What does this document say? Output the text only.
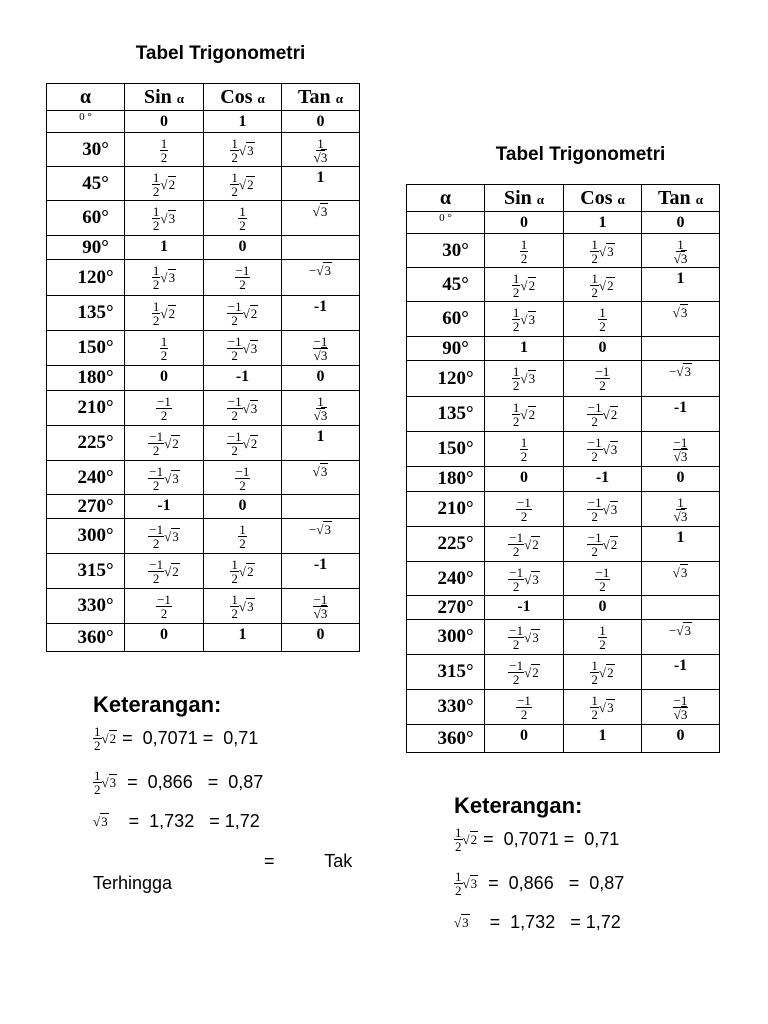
Tabel Trigonometri
α	Sin α	Cos α	Tan α
0 °	0	1	0
30°	$\frac{1}{2}$	$\frac{1}{2} √3$	$\frac{1}{√3}$

45°	$\frac{1}{2} √2$	$\frac{1}{2} √2$	1
60°	$\frac{1}{2} √3$	$\frac{1}{2}$	√3

90°	1	0	
120°	$\frac{1}{2} √3$	$\frac{-1}{2}$	− √3

135°	$\frac{1}{2} √2$	$\frac{-1}{2} √2$	-1
150°	$\frac{1}{2}$	$\frac{-1}{2} √3$	$\frac{-1}{√3}$

180°	0	-1	0
210°	$\frac{-1}{2}$	$\frac{-1}{2} √3$	$\frac{1}{√3}$

225°	$\frac{-1}{2} √2$	$\frac{-1}{2} √2$	1
240°	$\frac{-1}{2} √3$	$\frac{-1}{2}$	√3

270°	-1	0	
300°	$\frac{-1}{2} √3$	$\frac{1}{2}$	− √3

315°	$\frac{-1}{2} √2$	$\frac{1}{2} √2$	-1
330°	$\frac{-1}{2}$	$\frac{1}{2} √3$	$\frac{-1}{√3}$

360°	0	1	0
Keterangan:
$\frac{1}{2} √2 = 0,7071 = 0,71$
$\frac{1}{2} √3 = 0,866 = 0,87$
√3 =  1,732   = 1,72
=          Tak
Terhingga
Tabel Trigonometri
α	Sin α	Cos α	Tan α
0 °	0	1	0
30°	$\frac{1}{2}$	$\frac{1}{2} √3$	$\frac{1}{√3}$

45°	$\frac{1}{2} √2$	$\frac{1}{2} √2$	1
60°	$\frac{1}{2} √3$	$\frac{1}{2}$	√3

90°	1	0	
120°	$\frac{1}{2} √3$	$\frac{-1}{2}$	− √3

135°	$\frac{1}{2} √2$	$\frac{-1}{2} √2$	-1
150°	$\frac{1}{2}$	$\frac{-1}{2} √3$	$\frac{-1}{√3}$

180°	0	-1	0
210°	$\frac{-1}{2}$	$\frac{-1}{2} √3$	$\frac{1}{√3}$

225°	$\frac{-1}{2} √2$	$\frac{-1}{2} √2$	1
240°	$\frac{-1}{2} √3$	$\frac{-1}{2}$	√3

270°	-1	0	
300°	$\frac{-1}{2} √3$	$\frac{1}{2}$	− √3

315°	$\frac{-1}{2} √2$	$\frac{1}{2} √2$	-1
330°	$\frac{-1}{2}$	$\frac{1}{2} √3$	$\frac{-1}{√3}$

360°	0	1	0
Keterangan:
$\frac{1}{2} √2 = 0,7071 = 0,71$
$\frac{1}{2} √3 = 0,866 = 0,87$
√3 =  1,732   = 1,72
